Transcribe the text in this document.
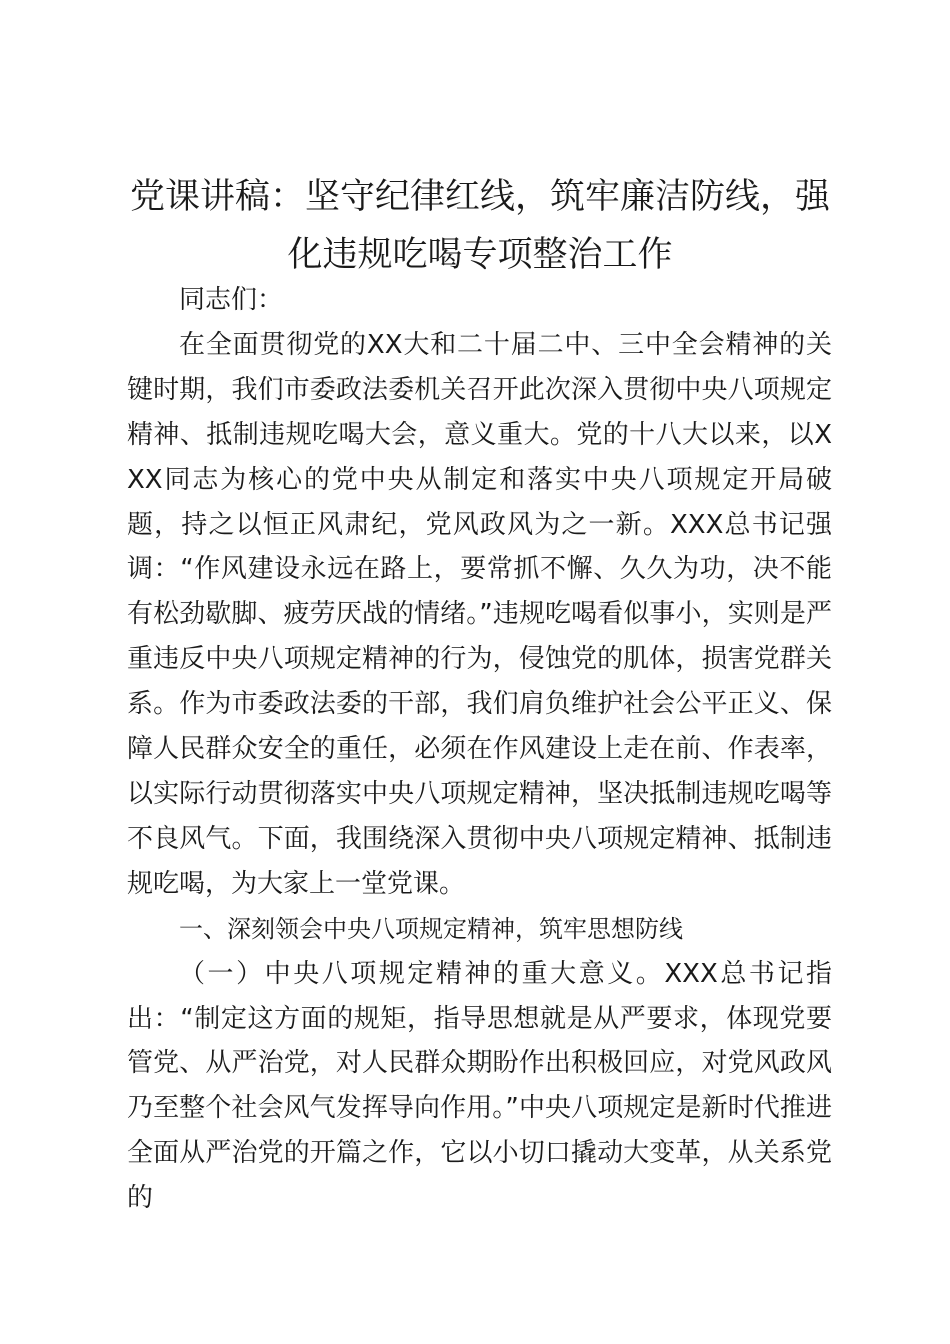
党课讲稿：坚守纪律红线，筑牢廉洁防线，强化违规吃喝专项整治工作

同志们：

在全面贯彻党的XX大和二十届二中、三中全会精神的关键时期，我们市委政法委机关召开此次深入贯彻中央八项规定精神、抵制违规吃喝大会，意义重大。党的十八大以来，以XXX同志为核心的党中央从制定和落实中央八项规定开局破题，持之以恒正风肃纪，党风政风为之一新。XXX总书记强调：“作风建设永远在路上，要常抓不懈、久久为功，决不能有松劲歇脚、疲劳厌战的情绪。”违规吃喝看似事小，实则是严重违反中央八项规定精神的行为，侵蚀党的肌体，损害党群关系。作为市委政法委的干部，我们肩负维护社会公平正义、保障人民群众安全的重任，必须在作风建设上走在前、作表率，以实际行动贯彻落实中央八项规定精神，坚决抵制违规吃喝等不良风气。下面，我围绕深入贯彻中央八项规定精神、抵制违规吃喝，为大家上一堂党课。

一、深刻领会中央八项规定精神，筑牢思想防线

（一）中央八项规定精神的重大意义。XXX总书记指出：“制定这方面的规矩，指导思想就是从严要求，体现党要管党、从严治党，对人民群众期盼作出积极回应，对党风政风乃至整个社会风气发挥导向作用。”中央八项规定是新时代推进全面从严治党的开篇之作，它以小切口撬动大变革，从关系党的
